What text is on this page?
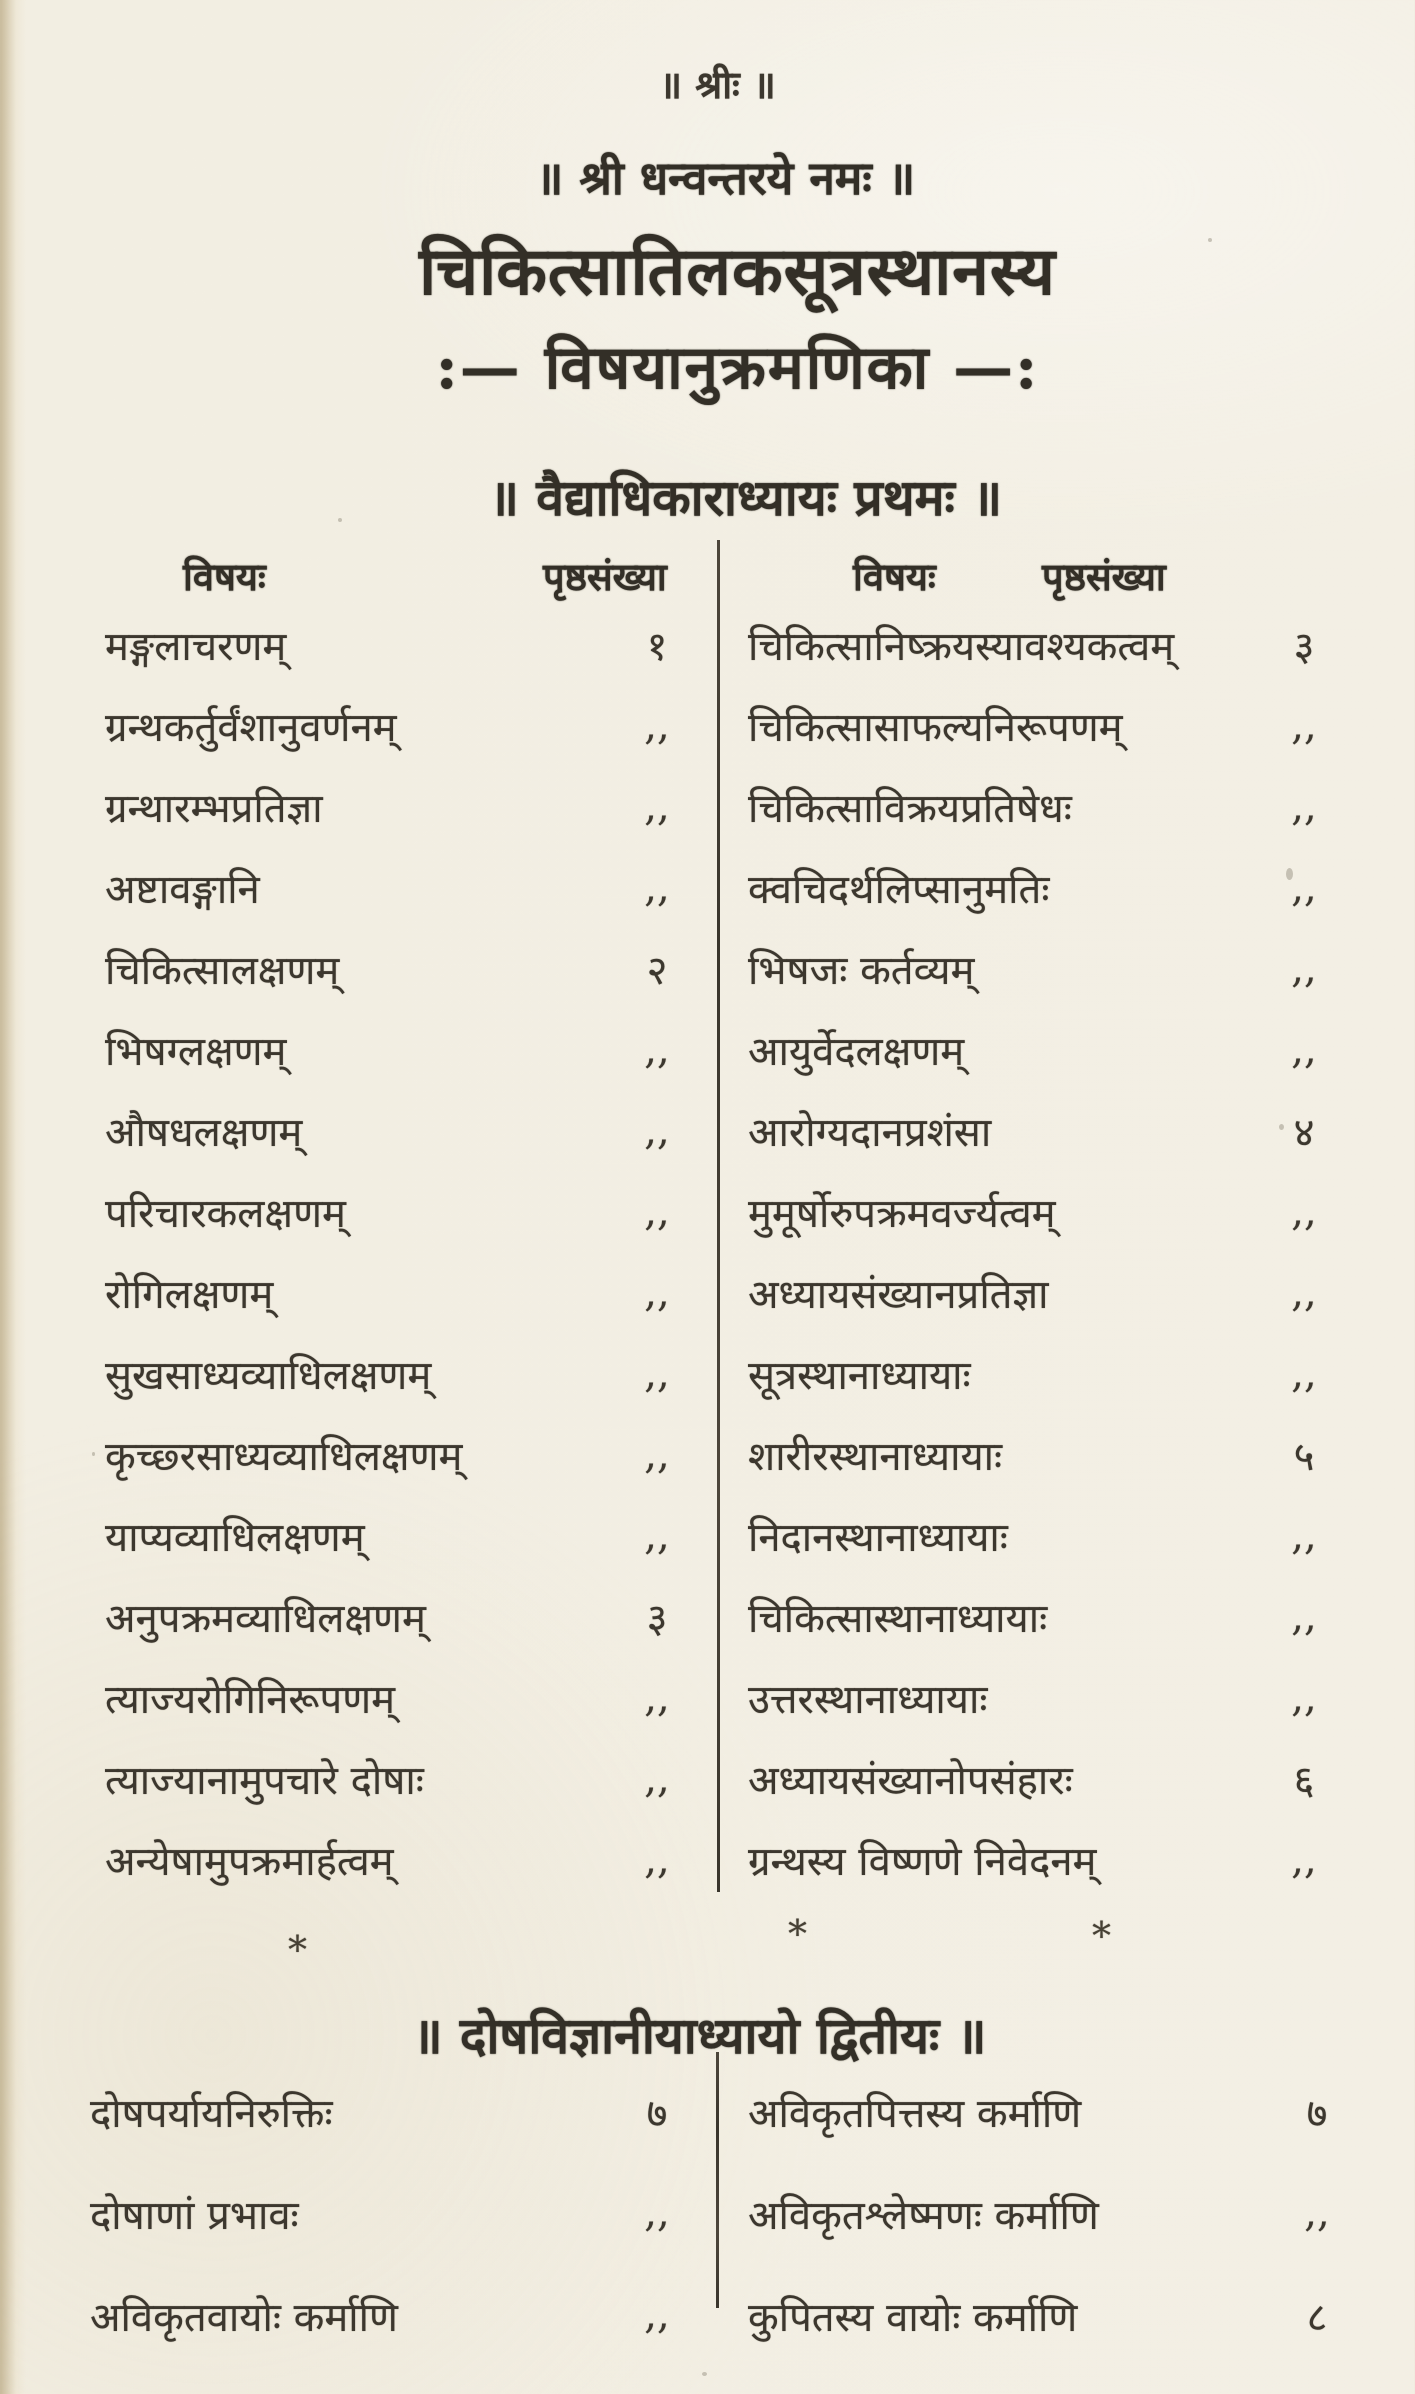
॥ श्रीः ॥
॥ श्री धन्वन्तरये नमः ॥
चिकित्सातिलकसूत्रस्थानस्य
:— विषयानुक्रमणिका —:
॥ वैद्याधिकाराध्यायः प्रथमः ॥
विषयः	पृष्ठसंख्या	विषयः	पृष्ठसंख्या
मङ्गलाचरणम्	१
ग्रन्थकर्तुर्वंशानुवर्णनम्	,,
ग्रन्थारम्भप्रतिज्ञा	,,
अष्टावङ्गानि	,,
चिकित्सालक्षणम्	२
भिषग्लक्षणम्	,,
औषधलक्षणम्	,,
परिचारकलक्षणम्	,,
रोगिलक्षणम्	,,
सुखसाध्यव्याधिलक्षणम्	,,
कृच्छ्रसाध्यव्याधिलक्षणम्	,,
याप्यव्याधिलक्षणम्	,,
अनुपक्रमव्याधिलक्षणम्	३
त्याज्यरोगिनिरूपणम्	,,
त्याज्यानामुपचारे दोषाः	,,
अन्येषामुपक्रमार्हत्वम्	,,
चिकित्सानिष्क्रयस्यावश्यकत्वम्	३
चिकित्सासाफल्यनिरूपणम्	,,
चिकित्साविक्रयप्रतिषेधः	,,
क्वचिदर्थलिप्सानुमतिः	,,
भिषजः कर्तव्यम्	,,
आयुर्वेदलक्षणम्	,,
आरोग्यदानप्रशंसा	४
मुमूर्षोरुपक्रमवर्ज्यत्वम्	,,
अध्यायसंख्यानप्रतिज्ञा	,,
सूत्रस्थानाध्यायाः	,,
शारीरस्थानाध्यायाः	५
निदानस्थानाध्यायाः	,,
चिकित्सास्थानाध्यायाः	,,
उत्तरस्थानाध्यायाः	,,
अध्यायसंख्यानोपसंहारः	६
ग्रन्थस्य विष्णणे निवेदनम्	,,
*	*	*
॥ दोषविज्ञानीयाध्यायो द्वितीयः ॥
दोषपर्यायनिरुक्तिः	७
दोषाणां प्रभावः	,,
अविकृतवायोः कर्माणि	,,
अविकृतपित्तस्य कर्माणि	७
अविकृतश्लेष्मणः कर्माणि	,,
कुपितस्य वायोः कर्माणि	८
